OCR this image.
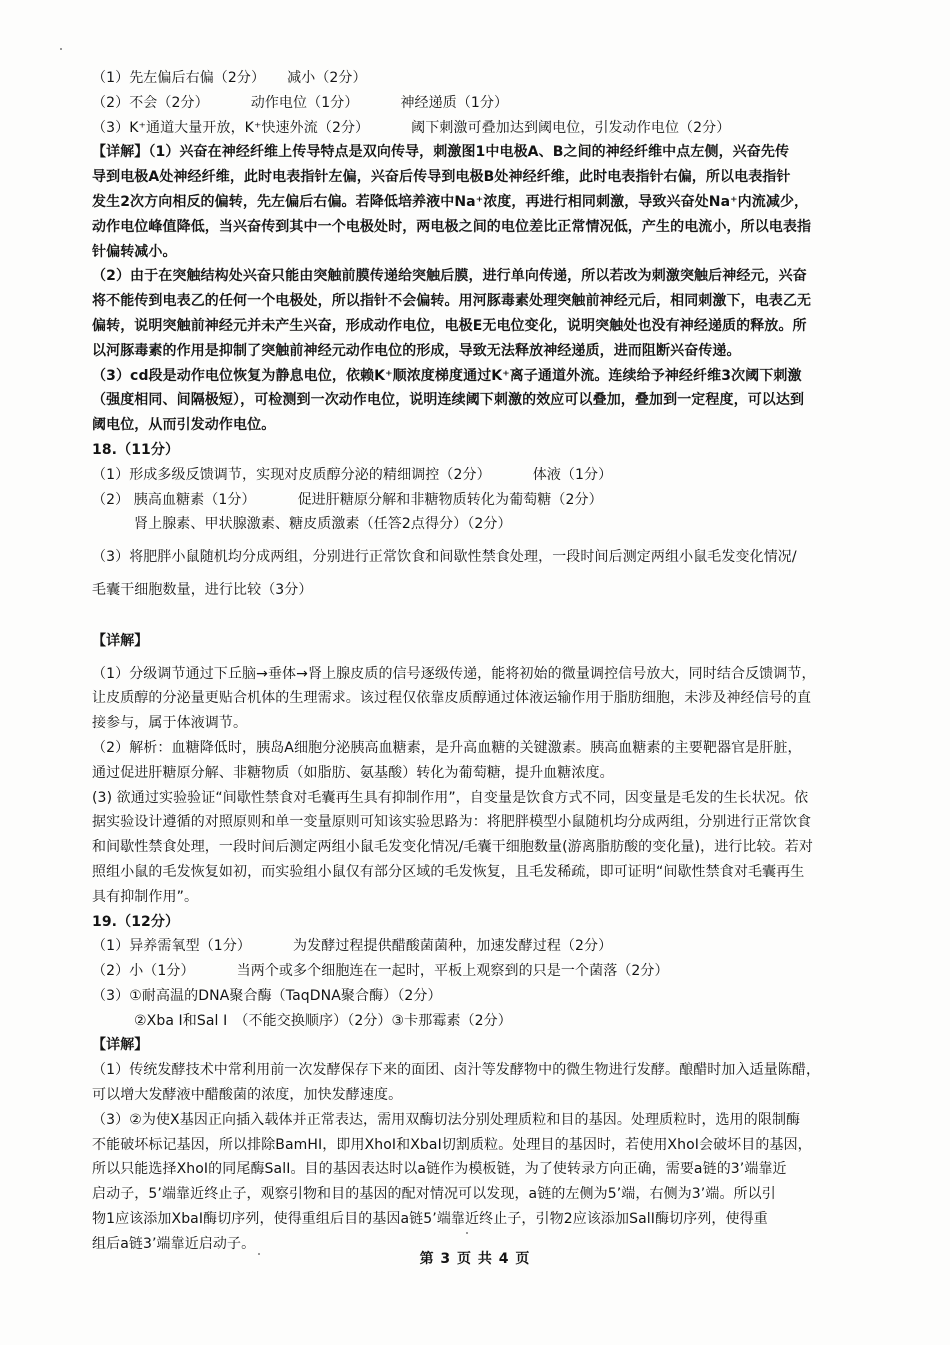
（1）先左偏后右偏（2分） 减小（2分）
（2）不会（2分）	动作电位（1分）	神经递质（1分）
（3）K⁺通道大量开放，K⁺快速外流（2分）	阈下刺激可叠加达到阈电位，引发动作电位（2分）
【详解】（1）兴奋在神经纤维上传导特点是双向传导，刺激图1中电极A、B之间的神经纤维中点左侧，兴奋先传
导到电极A处神经纤维，此时电表指针左偏，兴奋后传导到电极B处神经纤维，此时电表指针右偏，所以电表指针
发生2次方向相反的偏转，先左偏后右偏。若降低培养液中Na⁺浓度，再进行相同刺激，导致兴奋处Na⁺内流减少，
动作电位峰值降低，当兴奋传到其中一个电极处时，两电极之间的电位差比正常情况低，产生的电流小，所以电表指
针偏转减小。
（2）由于在突触结构处兴奋只能由突触前膜传递给突触后膜，进行单向传递，所以若改为刺激突触后神经元，兴奋
将不能传到电表乙的任何一个电极处，所以指针不会偏转。用河豚毒素处理突触前神经元后，相同刺激下，电表乙无
偏转，说明突触前神经元并未产生兴奋，形成动作电位，电极E无电位变化，说明突触处也没有神经递质的释放。所
以河豚毒素的作用是抑制了突触前神经元动作电位的形成，导致无法释放神经递质，进而阻断兴奋传递。
（3）cd段是动作电位恢复为静息电位，依赖K⁺顺浓度梯度通过K⁺离子通道外流。连续给予神经纤维3次阈下刺激
（强度相同、间隔极短），可检测到一次动作电位，说明连续阈下刺激的效应可以叠加，叠加到一定程度，可以达到
阈电位，从而引发动作电位。
18.（11分）
（1）形成多级反馈调节，实现对皮质醇分泌的精细调控（2分）	体液（1分）
（2） 胰高血糖素（1分）	促进肝糖原分解和非糖物质转化为葡萄糖（2分）
肾上腺素、甲状腺激素、糖皮质激素（任答2点得分）（2分）
（3）将肥胖小鼠随机均分成两组，分别进行正常饮食和间歇性禁食处理，一段时间后测定两组小鼠毛发变化情况/
毛囊干细胞数量，进行比较（3分）
【详解】
（1）分级调节通过下丘脑→垂体→肾上腺皮质的信号逐级传递，能将初始的微量调控信号放大，同时结合反馈调节，
让皮质醇的分泌量更贴合机体的生理需求。该过程仅依靠皮质醇通过体液运输作用于脂肪细胞，未涉及神经信号的直
接参与，属于体液调节。
（2）解析：血糖降低时，胰岛A细胞分泌胰高血糖素，是升高血糖的关键激素。胰高血糖素的主要靶器官是肝脏，
通过促进肝糖原分解、非糖物质（如脂肪、氨基酸）转化为葡萄糖，提升血糖浓度。
(3) 欲通过实验验证“间歇性禁食对毛囊再生具有抑制作用”，自变量是饮食方式不同，因变量是毛发的生长状况。依
据实验设计遵循的对照原则和单一变量原则可知该实验思路为：将肥胖模型小鼠随机均分成两组，分别进行正常饮食
和间歇性禁食处理，一段时间后测定两组小鼠毛发变化情况/毛囊干细胞数量(游离脂肪酸的变化量)，进行比较。若对
照组小鼠的毛发恢复如初，而实验组小鼠仅有部分区域的毛发恢复，且毛发稀疏，即可证明“间歇性禁食对毛囊再生
具有抑制作用”。
19.（12分）
（1）异养需氧型（1分）	为发酵过程提供醋酸菌菌种，加速发酵过程（2分）
（2）小（1分）	当两个或多个细胞连在一起时，平板上观察到的只是一个菌落（2分）
（3）①耐高温的DNA聚合酶（TaqDNA聚合酶）（2分）
②Xba Ⅰ和Sal Ⅰ　（不能交换顺序）（2分）③卡那霉素（2分）
【详解】
（1）传统发酵技术中常利用前一次发酵保存下来的面团、卤汁等发酵物中的微生物进行发酵。酿醋时加入适量陈醋，
可以增大发酵液中醋酸菌的浓度，加快发酵速度。
（3）②为使X基因正向插入载体并正常表达，需用双酶切法分别处理质粒和目的基因。处理质粒时，选用的限制酶
不能破坏标记基因，所以排除BamHI，即用XhoI和XbaI切割质粒。处理目的基因时，若使用XhoI会破坏目的基因，
所以只能选择XhoI的同尾酶SalI。目的基因表达时以a链作为模板链，为了使转录方向正确，需要a链的3’端靠近
启动子，5’端靠近终止子，观察引物和目的基因的配对情况可以发现，a链的左侧为5’端，右侧为3’端。所以引
物1应该添加XbaI酶切序列，使得重组后目的基因a链5’端靠近终止子，引物2应该添加SalⅠ酶切序列，使得重
组后a链3’端靠近启动子。
第 3 页 共 4 页
